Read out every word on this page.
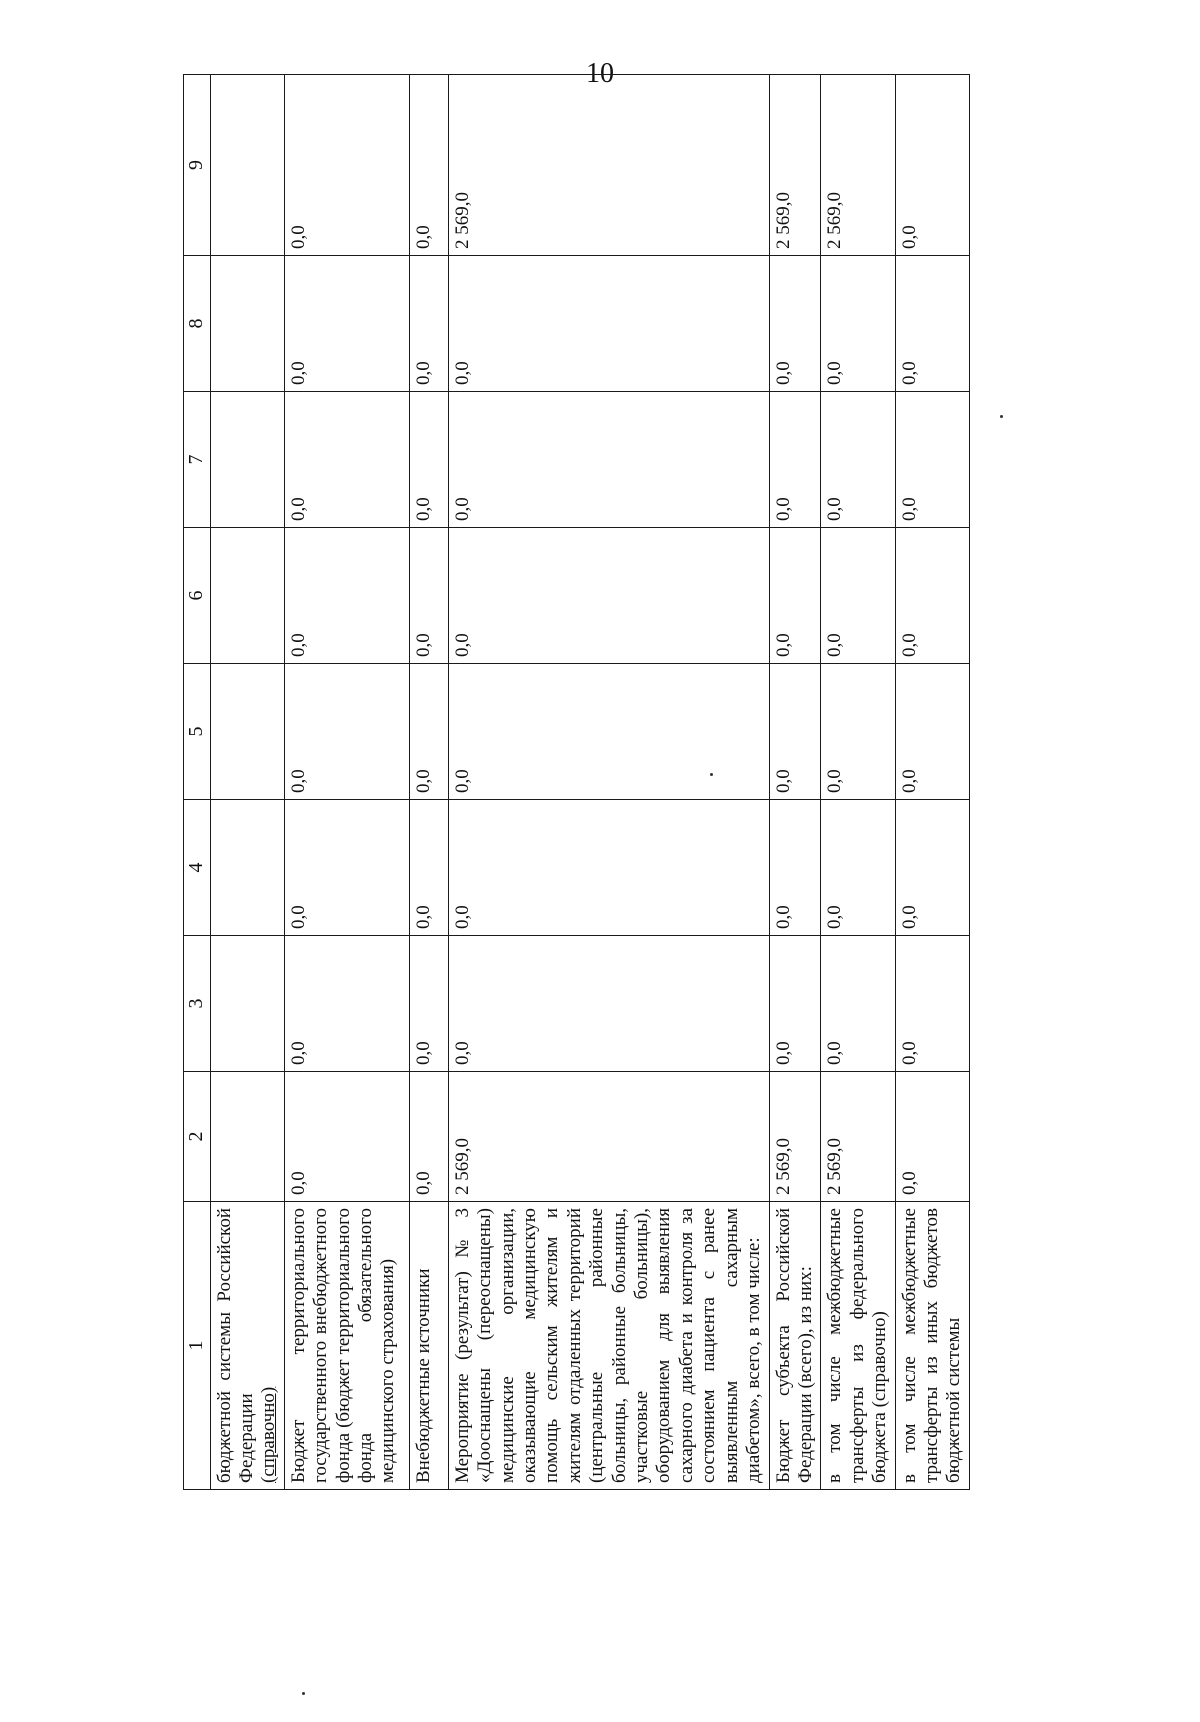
10
1	2	3	4	5	6	7	8	9
бюджетной системы Российской Федерации
(справочно)								
Бюджет территориального государственного внебюджетного фонда (бюджет территориального фонда обязательного медицинского страхования)	0,0	0,0	0,0	0,0	0,0	0,0	0,0	0,0
Внебюджетные источники	0,0	0,0	0,0	0,0	0,0	0,0	0,0	0,0
Мероприятие (результат) № 3 «Дооснащены (переоснащены) медицинские организации, оказывающие медицинскую помощь сельским жителям и жителям отдаленных территорий (центральные районные больницы, районные больницы, участковые больницы), оборудованием для выявления сахарного диабета и контроля за состоянием пациента с ранее выявленным сахарным диабетом», всего, в том числе:	2 569,0	0,0	0,0	0,0	0,0	0,0	0,0	2 569,0
Бюджет субъекта Российской Федерации (всего), из них:	2 569,0	0,0	0,0	0,0	0,0	0,0	0,0	2 569,0
в том числе межбюджетные трансферты из федерального бюджета (справочно)	2 569,0	0,0	0,0	0,0	0,0	0,0	0,0	2 569,0
в том числе межбюджетные трансферты из иных бюджетов бюджетной системы	0,0	0,0	0,0	0,0	0,0	0,0	0,0	0,0
